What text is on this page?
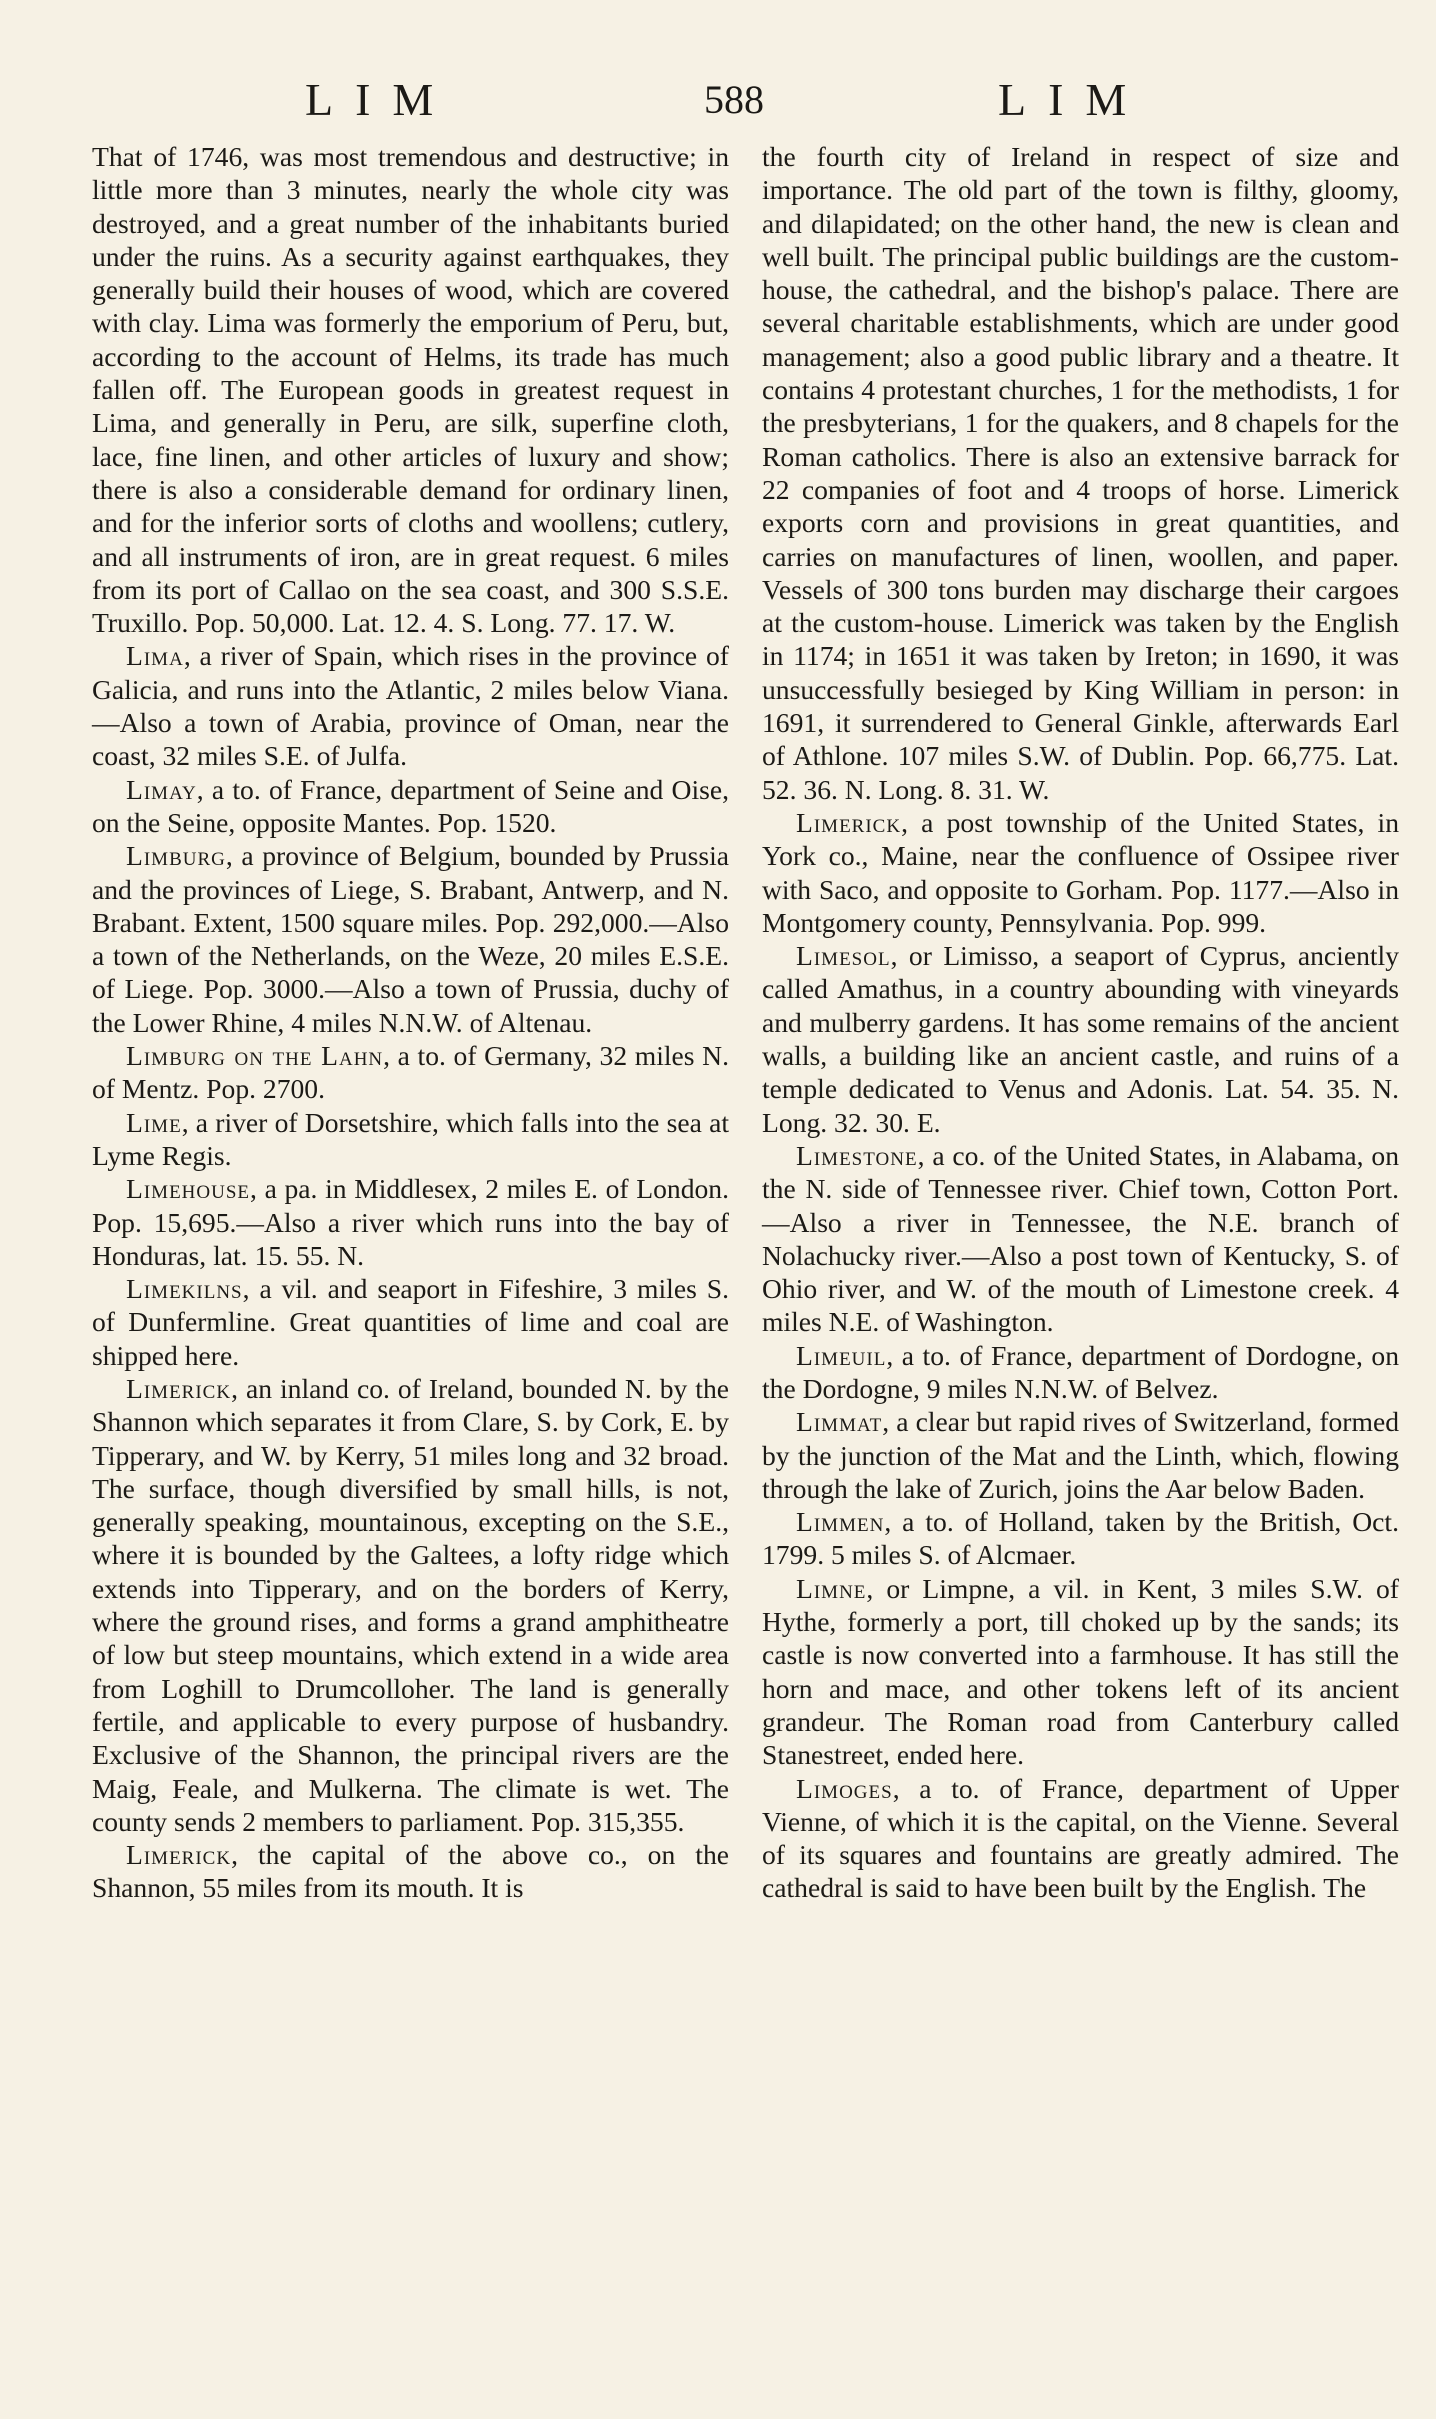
LIM	588	LIM

That of 1746, was most tremendous and destructive; in little more than 3 minutes, nearly the whole city was destroyed, and a great number of the inhabitants buried under the ruins. As a security against earthquakes, they generally build their houses of wood, which are covered with clay. Lima was formerly the emporium of Peru, but, according to the account of Helms, its trade has much fallen off. The European goods in greatest request in Lima, and generally in Peru, are silk, superfine cloth, lace, fine linen, and other articles of luxury and show; there is also a considerable demand for ordinary linen, and for the inferior sorts of cloths and woollens; cutlery, and all instruments of iron, are in great request. 6 miles from its port of Callao on the sea coast, and 300 S.S.E. Truxillo. Pop. 50,000. Lat. 12. 4. S. Long. 77. 17. W.

Lima, a river of Spain, which rises in the province of Galicia, and runs into the Atlantic, 2 miles below Viana.—Also a town of Arabia, province of Oman, near the coast, 32 miles S.E. of Julfa.

Limay, a to. of France, department of Seine and Oise, on the Seine, opposite Mantes. Pop. 1520.

Limburg, a province of Belgium, bounded by Prussia and the provinces of Liege, S. Brabant, Antwerp, and N. Brabant. Extent, 1500 square miles. Pop. 292,000.—Also a town of the Netherlands, on the Weze, 20 miles E.S.E. of Liege. Pop. 3000.—Also a town of Prussia, duchy of the Lower Rhine, 4 miles N.N.W. of Altenau.

Limburg on the Lahn, a to. of Germany, 32 miles N. of Mentz. Pop. 2700.

Lime, a river of Dorsetshire, which falls into the sea at Lyme Regis.

Limehouse, a pa. in Middlesex, 2 miles E. of London. Pop. 15,695.—Also a river which runs into the bay of Honduras, lat. 15. 55. N.

Limekilns, a vil. and seaport in Fifeshire, 3 miles S. of Dunfermline. Great quantities of lime and coal are shipped here.

Limerick, an inland co. of Ireland, bounded N. by the Shannon which separates it from Clare, S. by Cork, E. by Tipperary, and W. by Kerry, 51 miles long and 32 broad. The surface, though diversified by small hills, is not, generally speaking, mountainous, excepting on the S.E., where it is bounded by the Galtees, a lofty ridge which extends into Tipperary, and on the borders of Kerry, where the ground rises, and forms a grand amphitheatre of low but steep mountains, which extend in a wide area from Loghill to Drumcolloher. The land is generally fertile, and applicable to every purpose of husbandry. Exclusive of the Shannon, the principal rivers are the Maig, Feale, and Mulkerna. The climate is wet. The county sends 2 members to parliament. Pop. 315,355.

Limerick, the capital of the above co., on the Shannon, 55 miles from its mouth. It is

the fourth city of Ireland in respect of size and importance. The old part of the town is filthy, gloomy, and dilapidated; on the other hand, the new is clean and well built. The principal public buildings are the custom-house, the cathedral, and the bishop's palace. There are several charitable establishments, which are under good management; also a good public library and a theatre. It contains 4 protestant churches, 1 for the methodists, 1 for the presbyterians, 1 for the quakers, and 8 chapels for the Roman catholics. There is also an extensive barrack for 22 companies of foot and 4 troops of horse. Limerick exports corn and provisions in great quantities, and carries on manufactures of linen, woollen, and paper. Vessels of 300 tons burden may discharge their cargoes at the custom-house. Limerick was taken by the English in 1174; in 1651 it was taken by Ireton; in 1690, it was unsuccessfully besieged by King William in person: in 1691, it surrendered to General Ginkle, afterwards Earl of Athlone. 107 miles S.W. of Dublin. Pop. 66,775. Lat. 52. 36. N. Long. 8. 31. W.

Limerick, a post township of the United States, in York co., Maine, near the confluence of Ossipee river with Saco, and opposite to Gorham. Pop. 1177.—Also in Montgomery county, Pennsylvania. Pop. 999.

Limesol, or Limisso, a seaport of Cyprus, anciently called Amathus, in a country abounding with vineyards and mulberry gardens. It has some remains of the ancient walls, a building like an ancient castle, and ruins of a temple dedicated to Venus and Adonis. Lat. 54. 35. N. Long. 32. 30. E.

Limestone, a co. of the United States, in Alabama, on the N. side of Tennessee river. Chief town, Cotton Port.—Also a river in Tennessee, the N.E. branch of Nolachucky river.—Also a post town of Kentucky, S. of Ohio river, and W. of the mouth of Limestone creek. 4 miles N.E. of Washington.

Limeuil, a to. of France, department of Dordogne, on the Dordogne, 9 miles N.N.W. of Belvez.

Limmat, a clear but rapid rives of Switzerland, formed by the junction of the Mat and the Linth, which, flowing through the lake of Zurich, joins the Aar below Baden.

Limmen, a to. of Holland, taken by the British, Oct. 1799. 5 miles S. of Alcmaer.

Limne, or Limpne, a vil. in Kent, 3 miles S.W. of Hythe, formerly a port, till choked up by the sands; its castle is now converted into a farmhouse. It has still the horn and mace, and other tokens left of its ancient grandeur. The Roman road from Canterbury called Stanestreet, ended here.

Limoges, a to. of France, department of Upper Vienne, of which it is the capital, on the Vienne. Several of its squares and fountains are greatly admired. The cathedral is said to have been built by the English. The
